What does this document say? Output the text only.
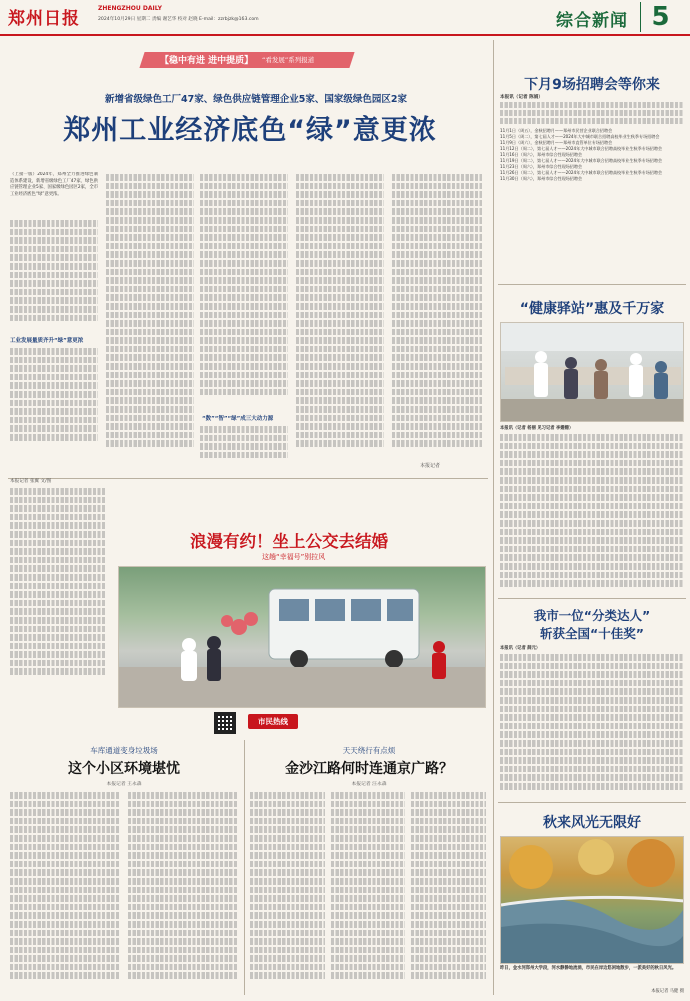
郑州日报
ZHENGZHOU DAILY
2024年10月29日 星期二 责编 谢艺华 校对 赵晓 E-mail：zzrbjzk@163.com	综合新闻 5
【稳中有进 进中提质】 “看发展”系列报道
新增省级绿色工厂47家、绿色供应链管理企业5家、国家级绿色园区2家
郑州工业经济底色“绿”意更浓
（上接一版）2024年，郑州全力推进绿色制造体系建设，新增省级绿色工厂47家、绿色供应链管理企业5家、国家级绿色园区2家，全市工业经济底色“绿”意更浓。
工业发展量质齐升“绿”意更浓
“数”“智”“绿”成三大动力源
本报记者
本报记者 张翼 文/图
浪漫有约！坐上公交去结婚
这趟“幸福号”别拉风
市民热线
车库通道变身垃圾场
这个小区环境堪忧
本报记者 王永森
天天绕行有点烦
金沙江路何时连通京广路？
本报记者 汪永森
下月9场招聘会等你来
本报讯（记者 陈娟）
11月1日（周五），金秋招聘月——郑州市民营企业联合招聘会
11月5日（周二），第七届人才——2024年大中城市联合招聘高校毕业生秋季专场招聘会
11月9日（周六），金秋招聘月——郑州市直管单位专场招聘会
11月12日（周二），第七届人才——2024年大中城市联合招聘高校毕业生秋季专场招聘会
11月16日（周六），郑州市综合性现场招聘会
11月19日（周二），第七届人才——2024年大中城市联合招聘高校毕业生秋季专场招聘会
11月23日（周六），郑州市综合性现场招聘会
11月26日（周二），第七届人才——2024年大中城市联合招聘高校毕业生秋季专场招聘会
11月30日（周六），郑州市综合性现场招聘会
“健康驿站”惠及千万家
本报讯（记者 杨丽 见习记者 李姗姗）
我市一位“分类达人”
斩获全国“十佳奖”
本报讯（记者 薛元）
秋来风光无限好
昨日，金水河郑州大学段，河水静静地流淌，市民在岸边悠闲地散步，一派美好的秋日风光。
本报记者 马健 摄
